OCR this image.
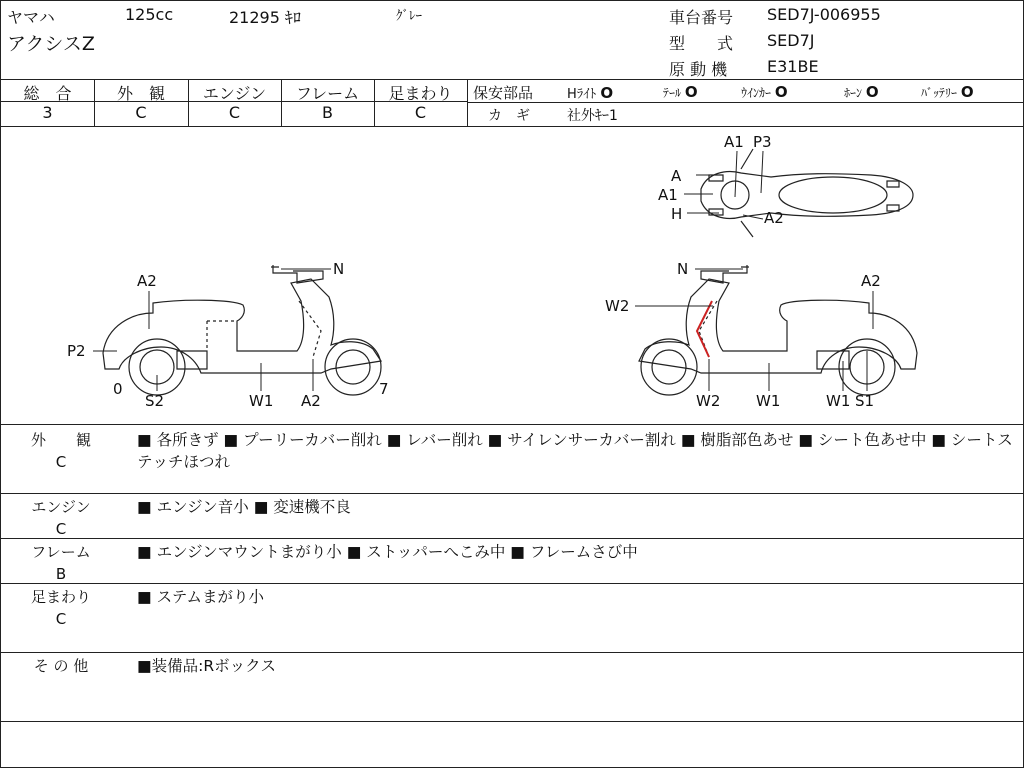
ヤマハ	125cc	21295 ｷﾛ	ｸﾞﾚｰ
アクシスZ
車台番号 SED7J-006955
型　　式 SED7J
原 動 機 E31BE
総　合
3
外　観
C
エンジン
C
フレーム
B
足まわり
C
保安部品	Hﾗｲﾄ O	ﾃｰﾙ O	ｳｲﾝｶｰ O	ﾎｰﾝ O	ﾊﾞｯﾃﾘｰ O
カ　ギ	社外ｷｰ1
A1 P3
A
A1
H	A2
N
A2
P2
0
S2	W1 A2
7
N
W2
A2
W2 W1	W1 S1
外　　観
C
■ 各所きず ■ プーリーカバー削れ ■ レバー削れ ■ サイレンサーカバー割れ ■ 樹脂部色あせ ■ シート色あせ中 ■ シートステッチほつれ
エンジン
C
■ エンジン音小 ■ 変速機不良
フレーム
B
■ エンジンマウントまがり小 ■ ストッパーへこみ中 ■ フレームさび中
足まわり
C
■ ステムまがり小
そ の 他	■装備品:Rボックス
